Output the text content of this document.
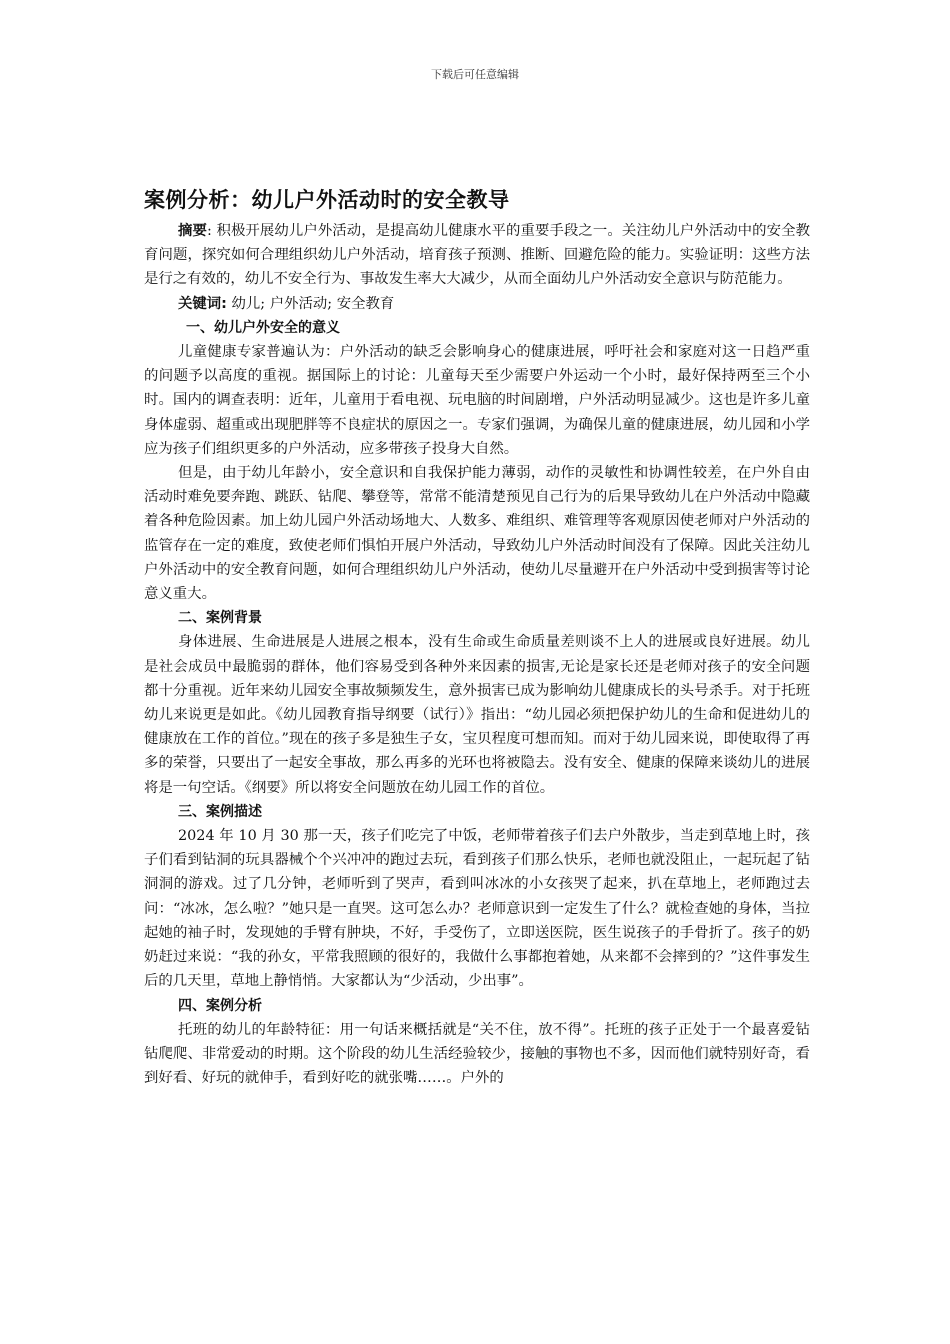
下载后可任意编辑
案例分析：幼儿户外活动时的安全教导

摘要: 积极开展幼儿户外活动，是提高幼儿健康水平的重要手段之一。关注幼儿户外活动中的安全教育问题，探究如何合理组织幼儿户外活动，培育孩子预测、推断、回避危险的能力。实验证明：这些方法是行之有效的，幼儿不安全行为、事故发生率大大减少，从而全面幼儿户外活动安全意识与防范能力。

关键词: 幼儿; 户外活动; 安全教育

一、幼儿户外安全的意义

儿童健康专家普遍认为：户外活动的缺乏会影响身心的健康进展，呼吁社会和家庭对这一日趋严重的问题予以高度的重视。据国际上的讨论：儿童每天至少需要户外运动一个小时，最好保持两至三个小时。国内的调查表明：近年，儿童用于看电视、玩电脑的时间剧增，户外活动明显减少。这也是许多儿童身体虚弱、超重或出现肥胖等不良症状的原因之一。专家们强调，为确保儿童的健康进展，幼儿园和小学应为孩子们组织更多的户外活动，应多带孩子投身大自然。

但是，由于幼儿年龄小，安全意识和自我保护能力薄弱，动作的灵敏性和协调性较差，在户外自由活动时难免要奔跑、跳跃、钻爬、攀登等，常常不能清楚预见自己行为的后果导致幼儿在户外活动中隐藏着各种危险因素。加上幼儿园户外活动场地大、人数多、难组织、难管理等客观原因使老师对户外活动的监管存在一定的难度，致使老师们惧怕开展户外活动，导致幼儿户外活动时间没有了保障。因此关注幼儿户外活动中的安全教育问题，如何合理组织幼儿户外活动，使幼儿尽量避开在户外活动中受到损害等讨论意义重大。

二、案例背景

身体进展、生命进展是人进展之根本，没有生命或生命质量差则谈不上人的进展或良好进展。幼儿是社会成员中最脆弱的群体，他们容易受到各种外来因素的损害,无论是家长还是老师对孩子的安全问题都十分重视。近年来幼儿园安全事故频频发生，意外损害已成为影响幼儿健康成长的头号杀手。对于托班幼儿来说更是如此。《幼儿园教育指导纲要（试行）》指出：“幼儿园必须把保护幼儿的生命和促进幼儿的健康放在工作的首位。”现在的孩子多是独生子女，宝贝程度可想而知。而对于幼儿园来说，即使取得了再多的荣誉，只要出了一起安全事故，那么再多的光环也将被隐去。没有安全、健康的保障来谈幼儿的进展将是一句空话。《纲要》所以将安全问题放在幼儿园工作的首位。

三、案例描述

2024 年 10 月 30 那一天，孩子们吃完了中饭，老师带着孩子们去户外散步，当走到草地上时，孩子们看到钻洞的玩具器械个个兴冲冲的跑过去玩，看到孩子们那么快乐，老师也就没阻止，一起玩起了钻洞洞的游戏。过了几分钟，老师听到了哭声，看到叫冰冰的小女孩哭了起来，扒在草地上，老师跑过去问：“冰冰，怎么啦？”她只是一直哭。这可怎么办？老师意识到一定发生了什么？就检查她的身体，当拉起她的袖子时，发现她的手臂有肿块，不好，手受伤了，立即送医院，医生说孩子的手骨折了。孩子的奶奶赶过来说：“我的孙女，平常我照顾的很好的，我做什么事都抱着她，从来都不会摔到的？”这件事发生后的几天里，草地上静悄悄。大家都认为“少活动，少出事”。

四、案例分析

托班的幼儿的年龄特征：用一句话来概括就是“关不住，放不得”。托班的孩子正处于一个最喜爱钻钻爬爬、非常爱动的时期。这个阶段的幼儿生活经验较少，接触的事物也不多，因而他们就特别好奇，看到好看、好玩的就伸手，看到好吃的就张嘴……。户外的
